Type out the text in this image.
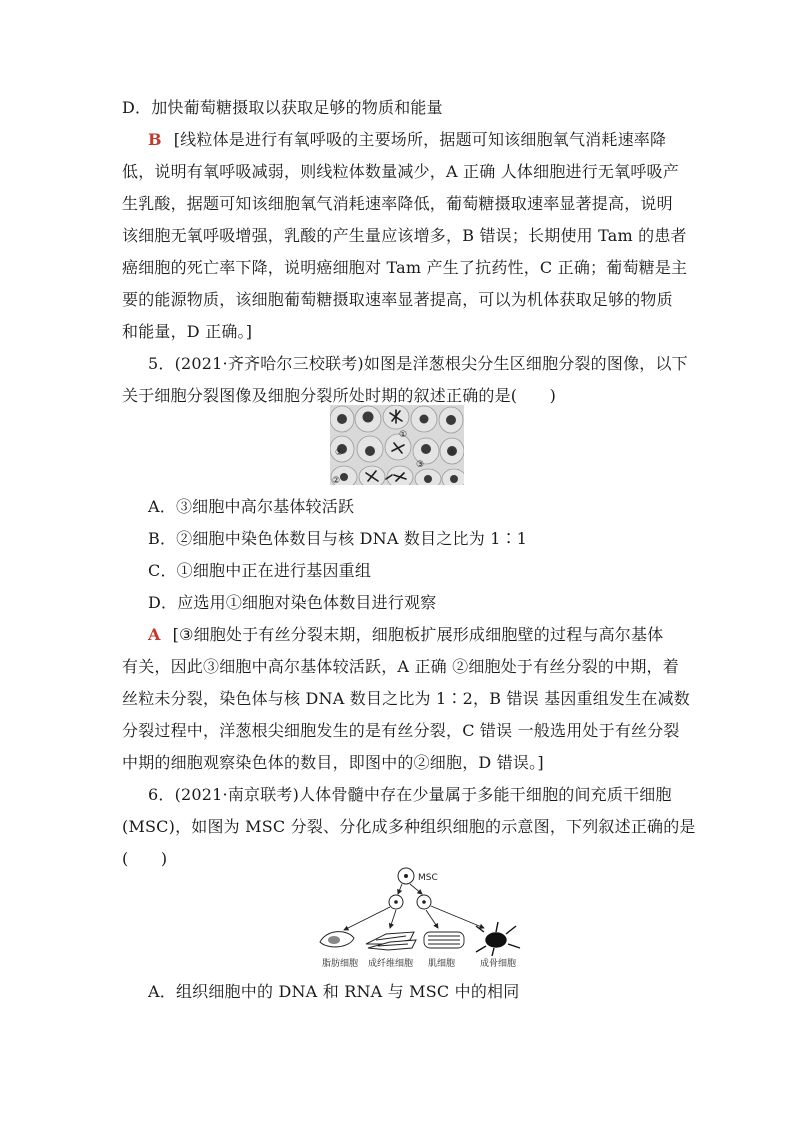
D．加快葡萄糖摄取以获取足够的物质和能量
B [线粒体是进行有氧呼吸的主要场所，据题可知该细胞氧气消耗速率降
低，说明有氧呼吸减弱，则线粒体数量减少，A 正确 人体细胞进行无氧呼吸产
生乳酸，据题可知该细胞氧气消耗速率降低，葡萄糖摄取速率显著提高，说明
该细胞无氧呼吸增强，乳酸的产生量应该增多，B 错误；长期使用 Tam 的患者
癌细胞的死亡率下降，说明癌细胞对 Tam 产生了抗药性，C 正确；葡萄糖是主
要的能源物质，该细胞葡萄糖摄取速率显著提高，可以为机体获取足够的物质
和能量，D 正确。]
5．(2021·齐齐哈尔三校联考)如图是洋葱根尖分生区细胞分裂的图像，以下
关于细胞分裂图像及细胞分裂所处时期的叙述正确的是(　　)
①
②
③
④
⑤
A．③细胞中高尔基体较活跃
B．②细胞中染色体数目与核 DNA 数目之比为 1∶1
C．①细胞中正在进行基因重组
D．应选用①细胞对染色体数目进行观察
A [③细胞处于有丝分裂末期，细胞板扩展形成细胞壁的过程与高尔基体
有关，因此③细胞中高尔基体较活跃，A 正确 ②细胞处于有丝分裂的中期，着
丝粒未分裂，染色体与核 DNA 数目之比为 1∶2，B 错误 基因重组发生在减数
分裂过程中，洋葱根尖细胞发生的是有丝分裂，C 错误 一般选用处于有丝分裂
中期的细胞观察染色体的数目，即图中的②细胞，D 错误。]
6．(2021·南京联考)人体骨髓中存在少量属于多能干细胞的间充质干细胞
(MSC)，如图为 MSC 分裂、分化成多种组织细胞的示意图，下列叙述正确的是
(　　)
MSC
脂肪细胞 成纤维细胞 肌细胞	成骨细胞
A．组织细胞中的 DNA 和 RNA 与 MSC 中的相同
